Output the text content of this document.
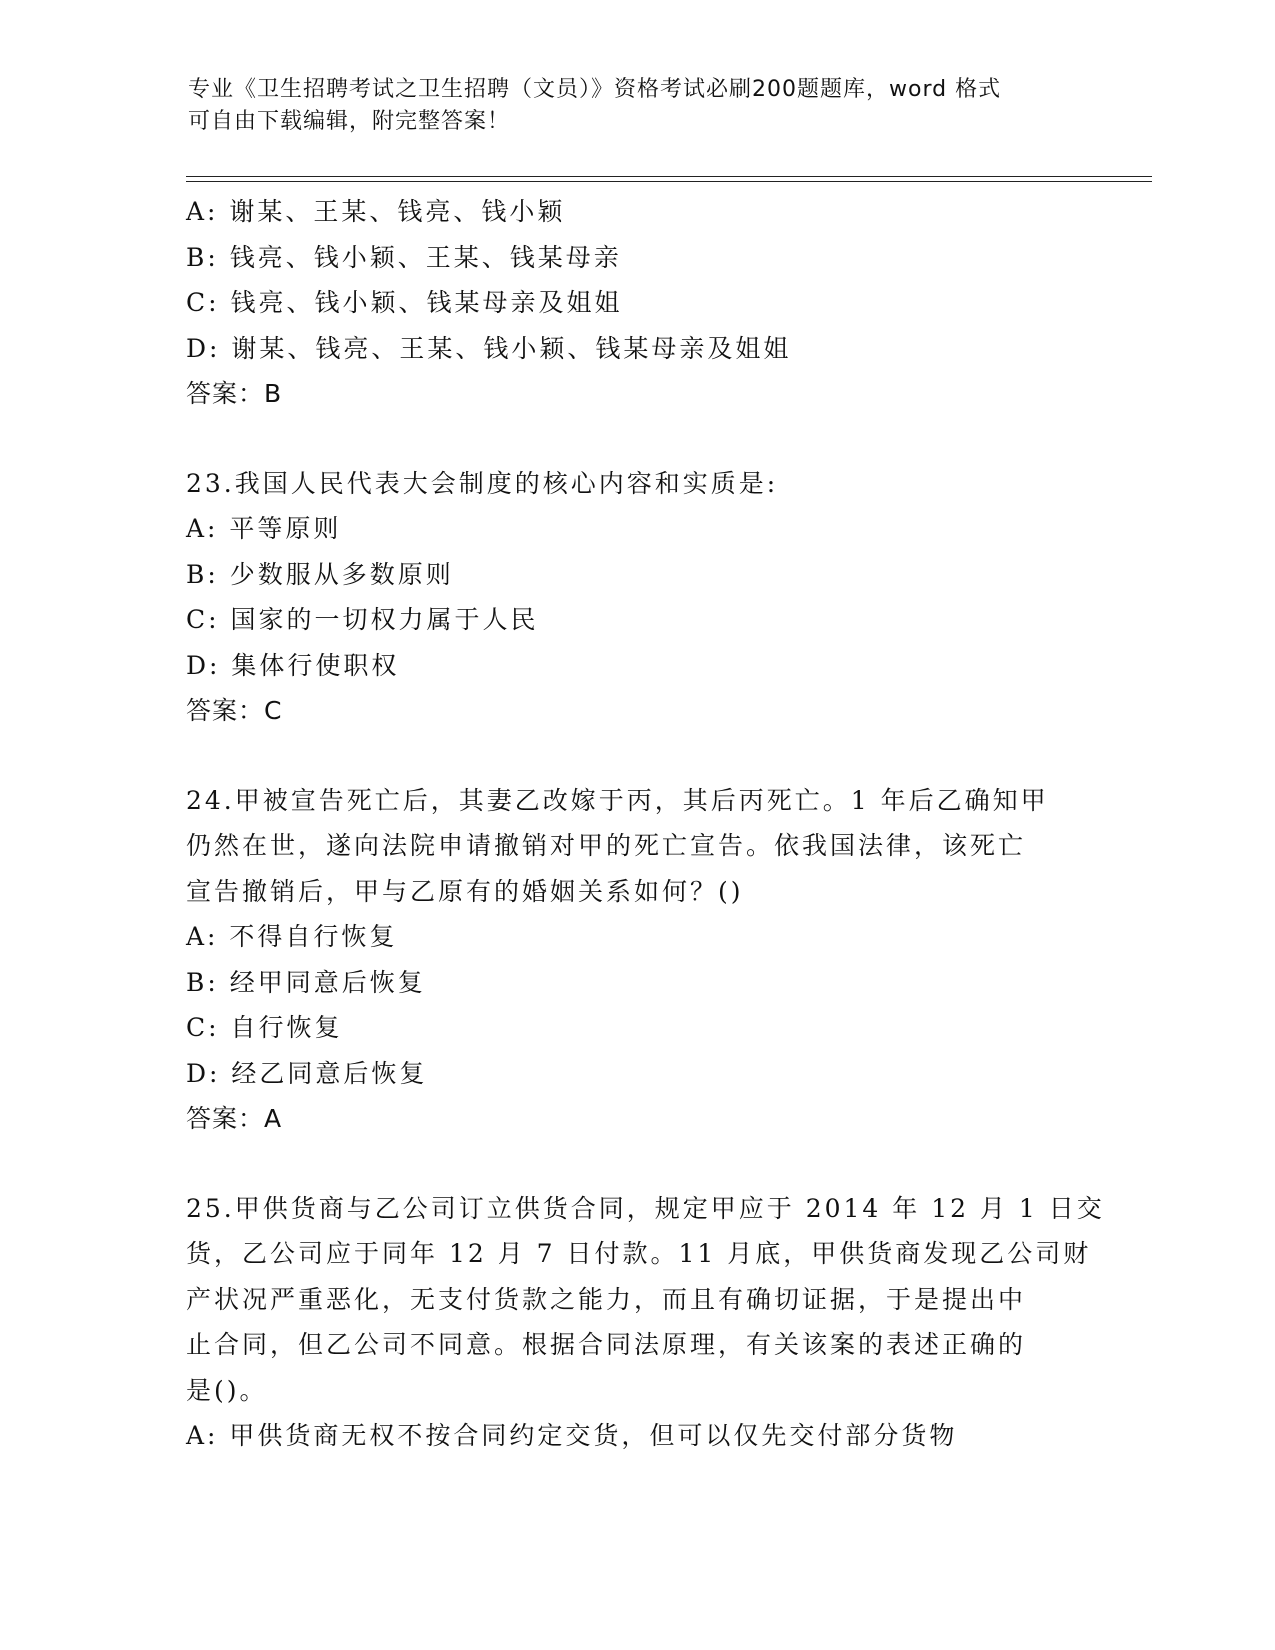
专业《卫生招聘考试之卫生招聘（文员）》资格考试必刷200题题库，word 格式
可自由下载编辑，附完整答案！
A: 谢某、王某、钱亮、钱小颖
B: 钱亮、钱小颖、王某、钱某母亲
C: 钱亮、钱小颖、钱某母亲及姐姐
D: 谢某、钱亮、王某、钱小颖、钱某母亲及姐姐
答案：B
23.我国人民代表大会制度的核心内容和实质是:
A: 平等原则
B: 少数服从多数原则
C: 国家的一切权力属于人民
D: 集体行使职权
答案：C
24.甲被宣告死亡后，其妻乙改嫁于丙，其后丙死亡。1 年后乙确知甲
仍然在世，遂向法院申请撤销对甲的死亡宣告。依我国法律，该死亡
宣告撤销后，甲与乙原有的婚姻关系如何？()
A: 不得自行恢复
B: 经甲同意后恢复
C: 自行恢复
D: 经乙同意后恢复
答案：A
25.甲供货商与乙公司订立供货合同，规定甲应于 2014 年 12 月 1 日交
货，乙公司应于同年 12 月 7 日付款。11 月底，甲供货商发现乙公司财
产状况严重恶化，无支付货款之能力，而且有确切证据，于是提出中
止合同，但乙公司不同意。根据合同法原理，有关该案的表述正确的
是()。
A: 甲供货商无权不按合同约定交货，但可以仅先交付部分货物
